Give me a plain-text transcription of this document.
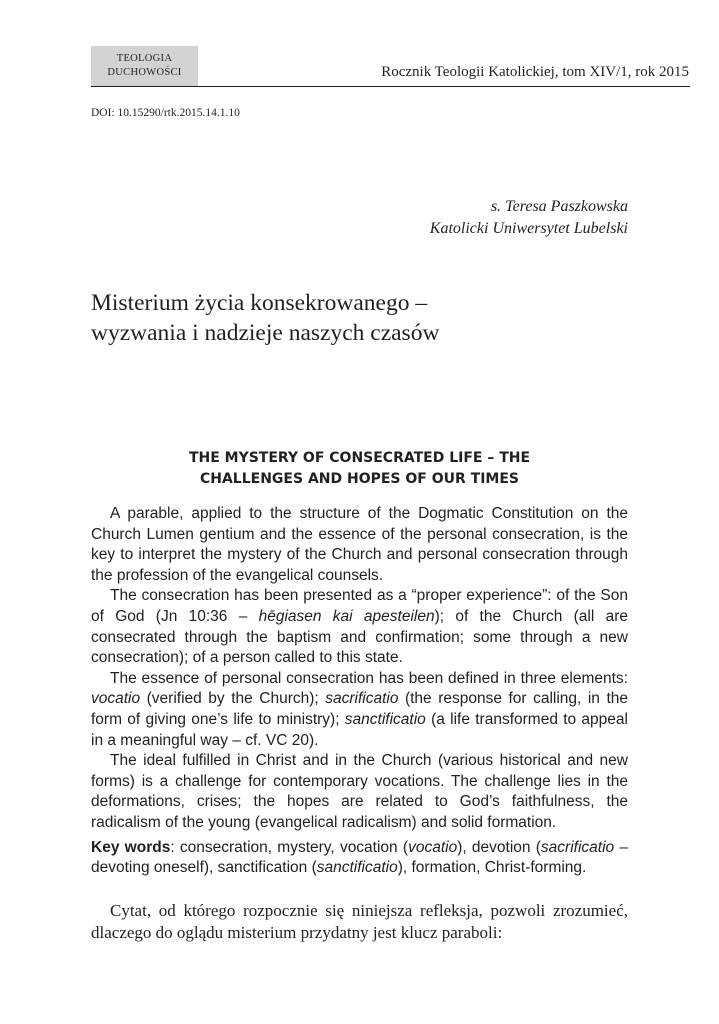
TEOLOGIA
DUCHOWOŚCI	Rocznik Teologii Katolickiej, tom XIV/1, rok 2015
DOI: 10.15290/rtk.2015.14.1.10
s. Teresa Paszkowska
Katolicki Uniwersytet Lubelski
Misterium życia konsekrowanego –
wyzwania i nadzieje naszych czasów
THE MYSTERY OF CONSECRATED LIFE – THE
CHALLENGES AND HOPES OF OUR TIMES

A parable, applied to the structure of the Dogmatic Constitution on the Church Lumen gentium and the essence of the personal consecration, is the key to interpret the mystery of the Church and personal consecration through the profession of the evangelical counsels.

The consecration has been presented as a “proper experience”: of the Son of God (Jn 10:36 – hēgiasen kai apesteilen); of the Church (all are consecrated through the baptism and confirmation; some through a new consecration); of a person called to this state.

The essence of personal consecration has been defined in three elements: vocatio (verified by the Church); sacrificatio (the response for calling, in the form of giving one’s life to ministry); sanctificatio (a life transformed to appeal in a meaningful way – cf. VC 20).

The ideal fulfilled in Christ and in the Church (various historical and new forms) is a challenge for contemporary vocations. The challenge lies in the deformations, crises; the hopes are related to God’s faithfulness, the radicalism of the young (evangelical radicalism) and solid formation.

Key words: consecration, mystery, vocation (vocatio), devotion (sacrificatio – devoting oneself), sanctification (sanctificatio), formation, Christ-forming.

Cytat, od którego rozpocznie się niniejsza refleksja, pozwoli zrozumieć, dlaczego do oglądu misterium przydatny jest klucz paraboli:
